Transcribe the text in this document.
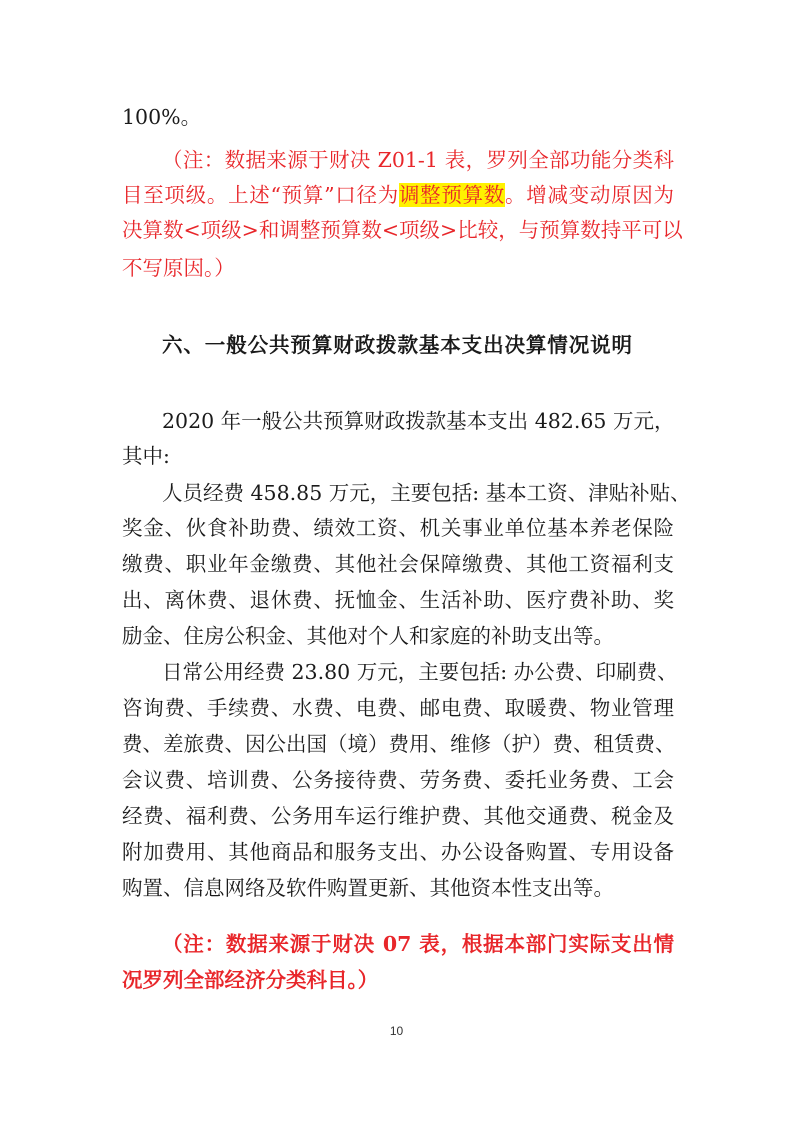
100%。

（注：数据来源于财决 Z01-1 表，罗列全部功能分类科

目至项级。上述“预算”口径为调整预算数。增减变动原因为

决算数<项级>和调整预算数<项级>比较，与预算数持平可以

不写原因。）

六、一般公共预算财政拨款基本支出决算情况说明

2020 年一般公共预算财政拨款基本支出 482.65 万元，

其中:

人员经费 458.85 万元，主要包括: 基本工资、津贴补贴、

奖金、伙食补助费、绩效工资、机关事业单位基本养老保险

缴费、职业年金缴费、其他社会保障缴费、其他工资福利支

出、离休费、退休费、抚恤金、生活补助、医疗费补助、奖

励金、住房公积金、其他对个人和家庭的补助支出等。

日常公用经费 23.80 万元，主要包括: 办公费、印刷费、

咨询费、手续费、水费、电费、邮电费、取暖费、物业管理

费、差旅费、因公出国（境）费用、维修（护）费、租赁费、

会议费、培训费、公务接待费、劳务费、委托业务费、工会

经费、福利费、公务用车运行维护费、其他交通费、税金及

附加费用、其他商品和服务支出、办公设备购置、专用设备

购置、信息网络及软件购置更新、其他资本性支出等。

（注：数据来源于财决 07 表，根据本部门实际支出情

况罗列全部经济分类科目。）

10
